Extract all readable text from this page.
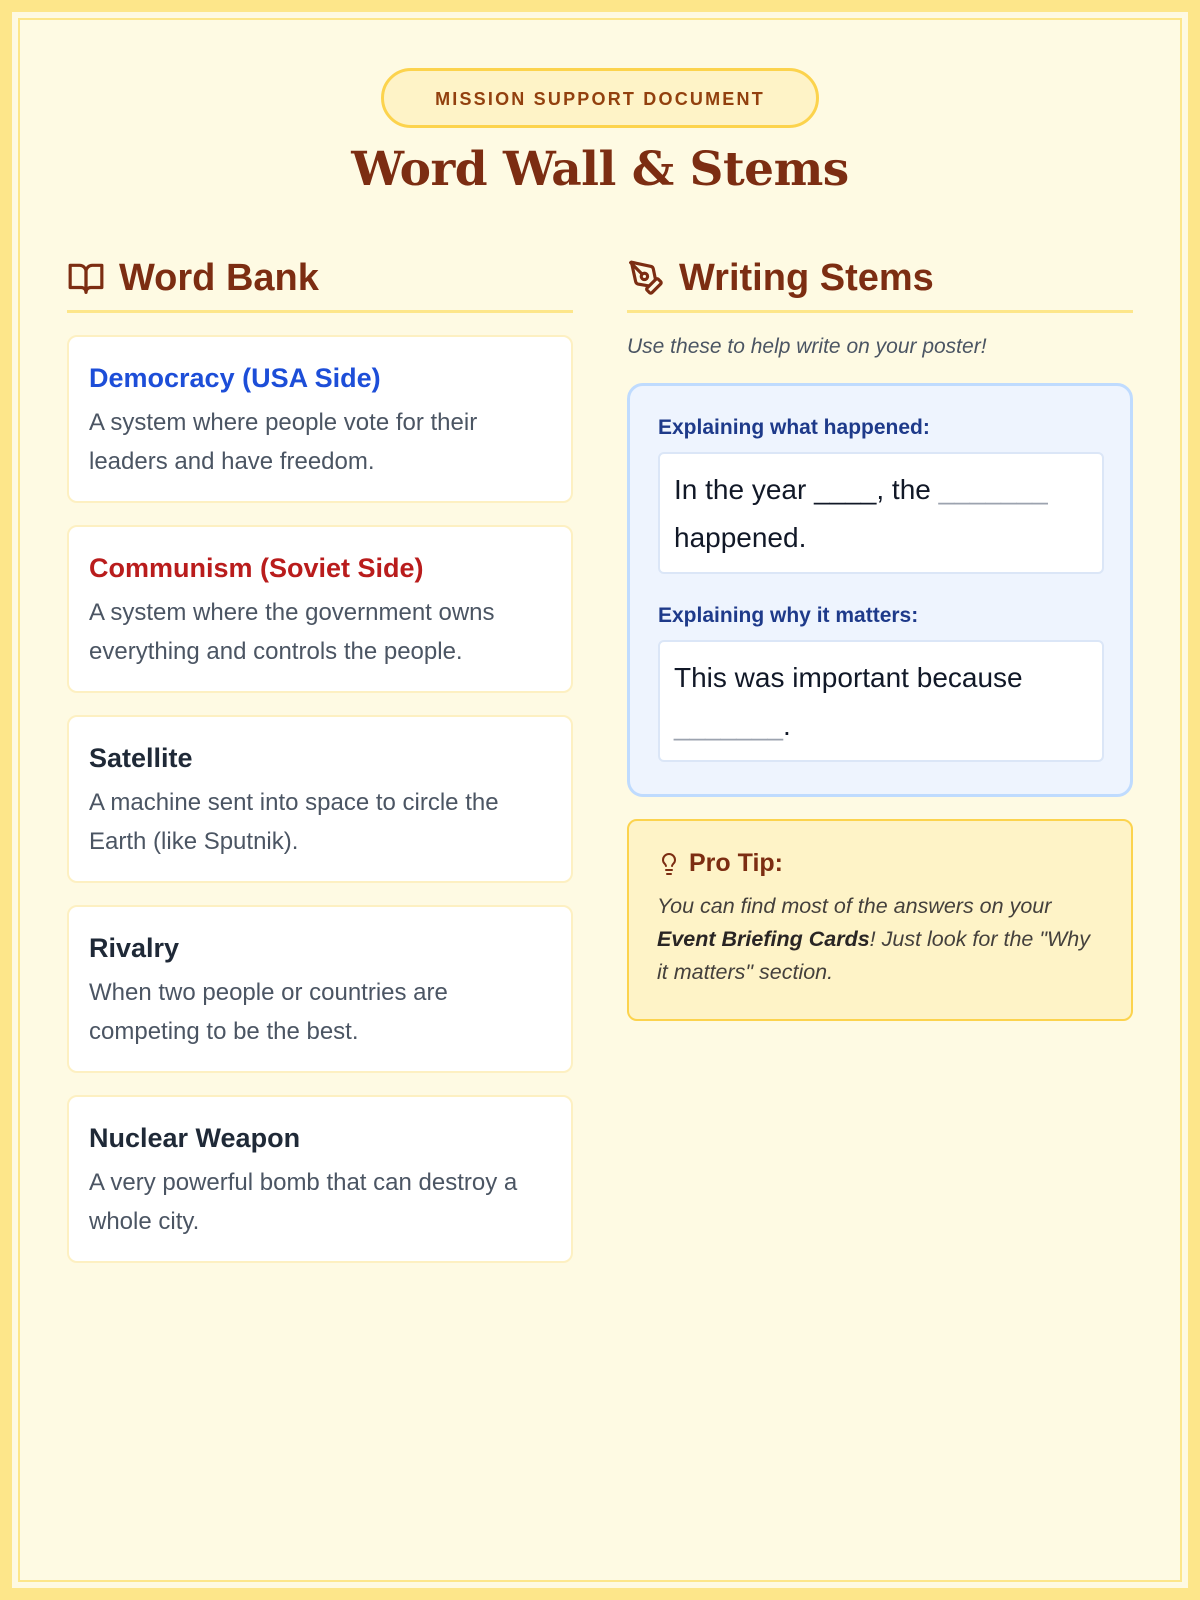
MISSION SUPPORT DOCUMENT
Word Wall & Stems
Word Bank
Democracy (USA Side)
A system where people vote for their leaders and have freedom.
Communism (Soviet Side)
A system where the government owns everything and controls the people.
Satellite
A machine sent into space to circle the Earth (like Sputnik).
Rivalry
When two people or countries are competing to be the best.
Nuclear Weapon
A very powerful bomb that can destroy a whole city.
Writing Stems
Use these to help write on your poster!
Explaining what happened:
In the year ____, the _______ happened.
Explaining why it matters:
This was important because _______.
Pro Tip:
You can find most of the answers on your Event Briefing Cards! Just look for the "Why it matters" section.
